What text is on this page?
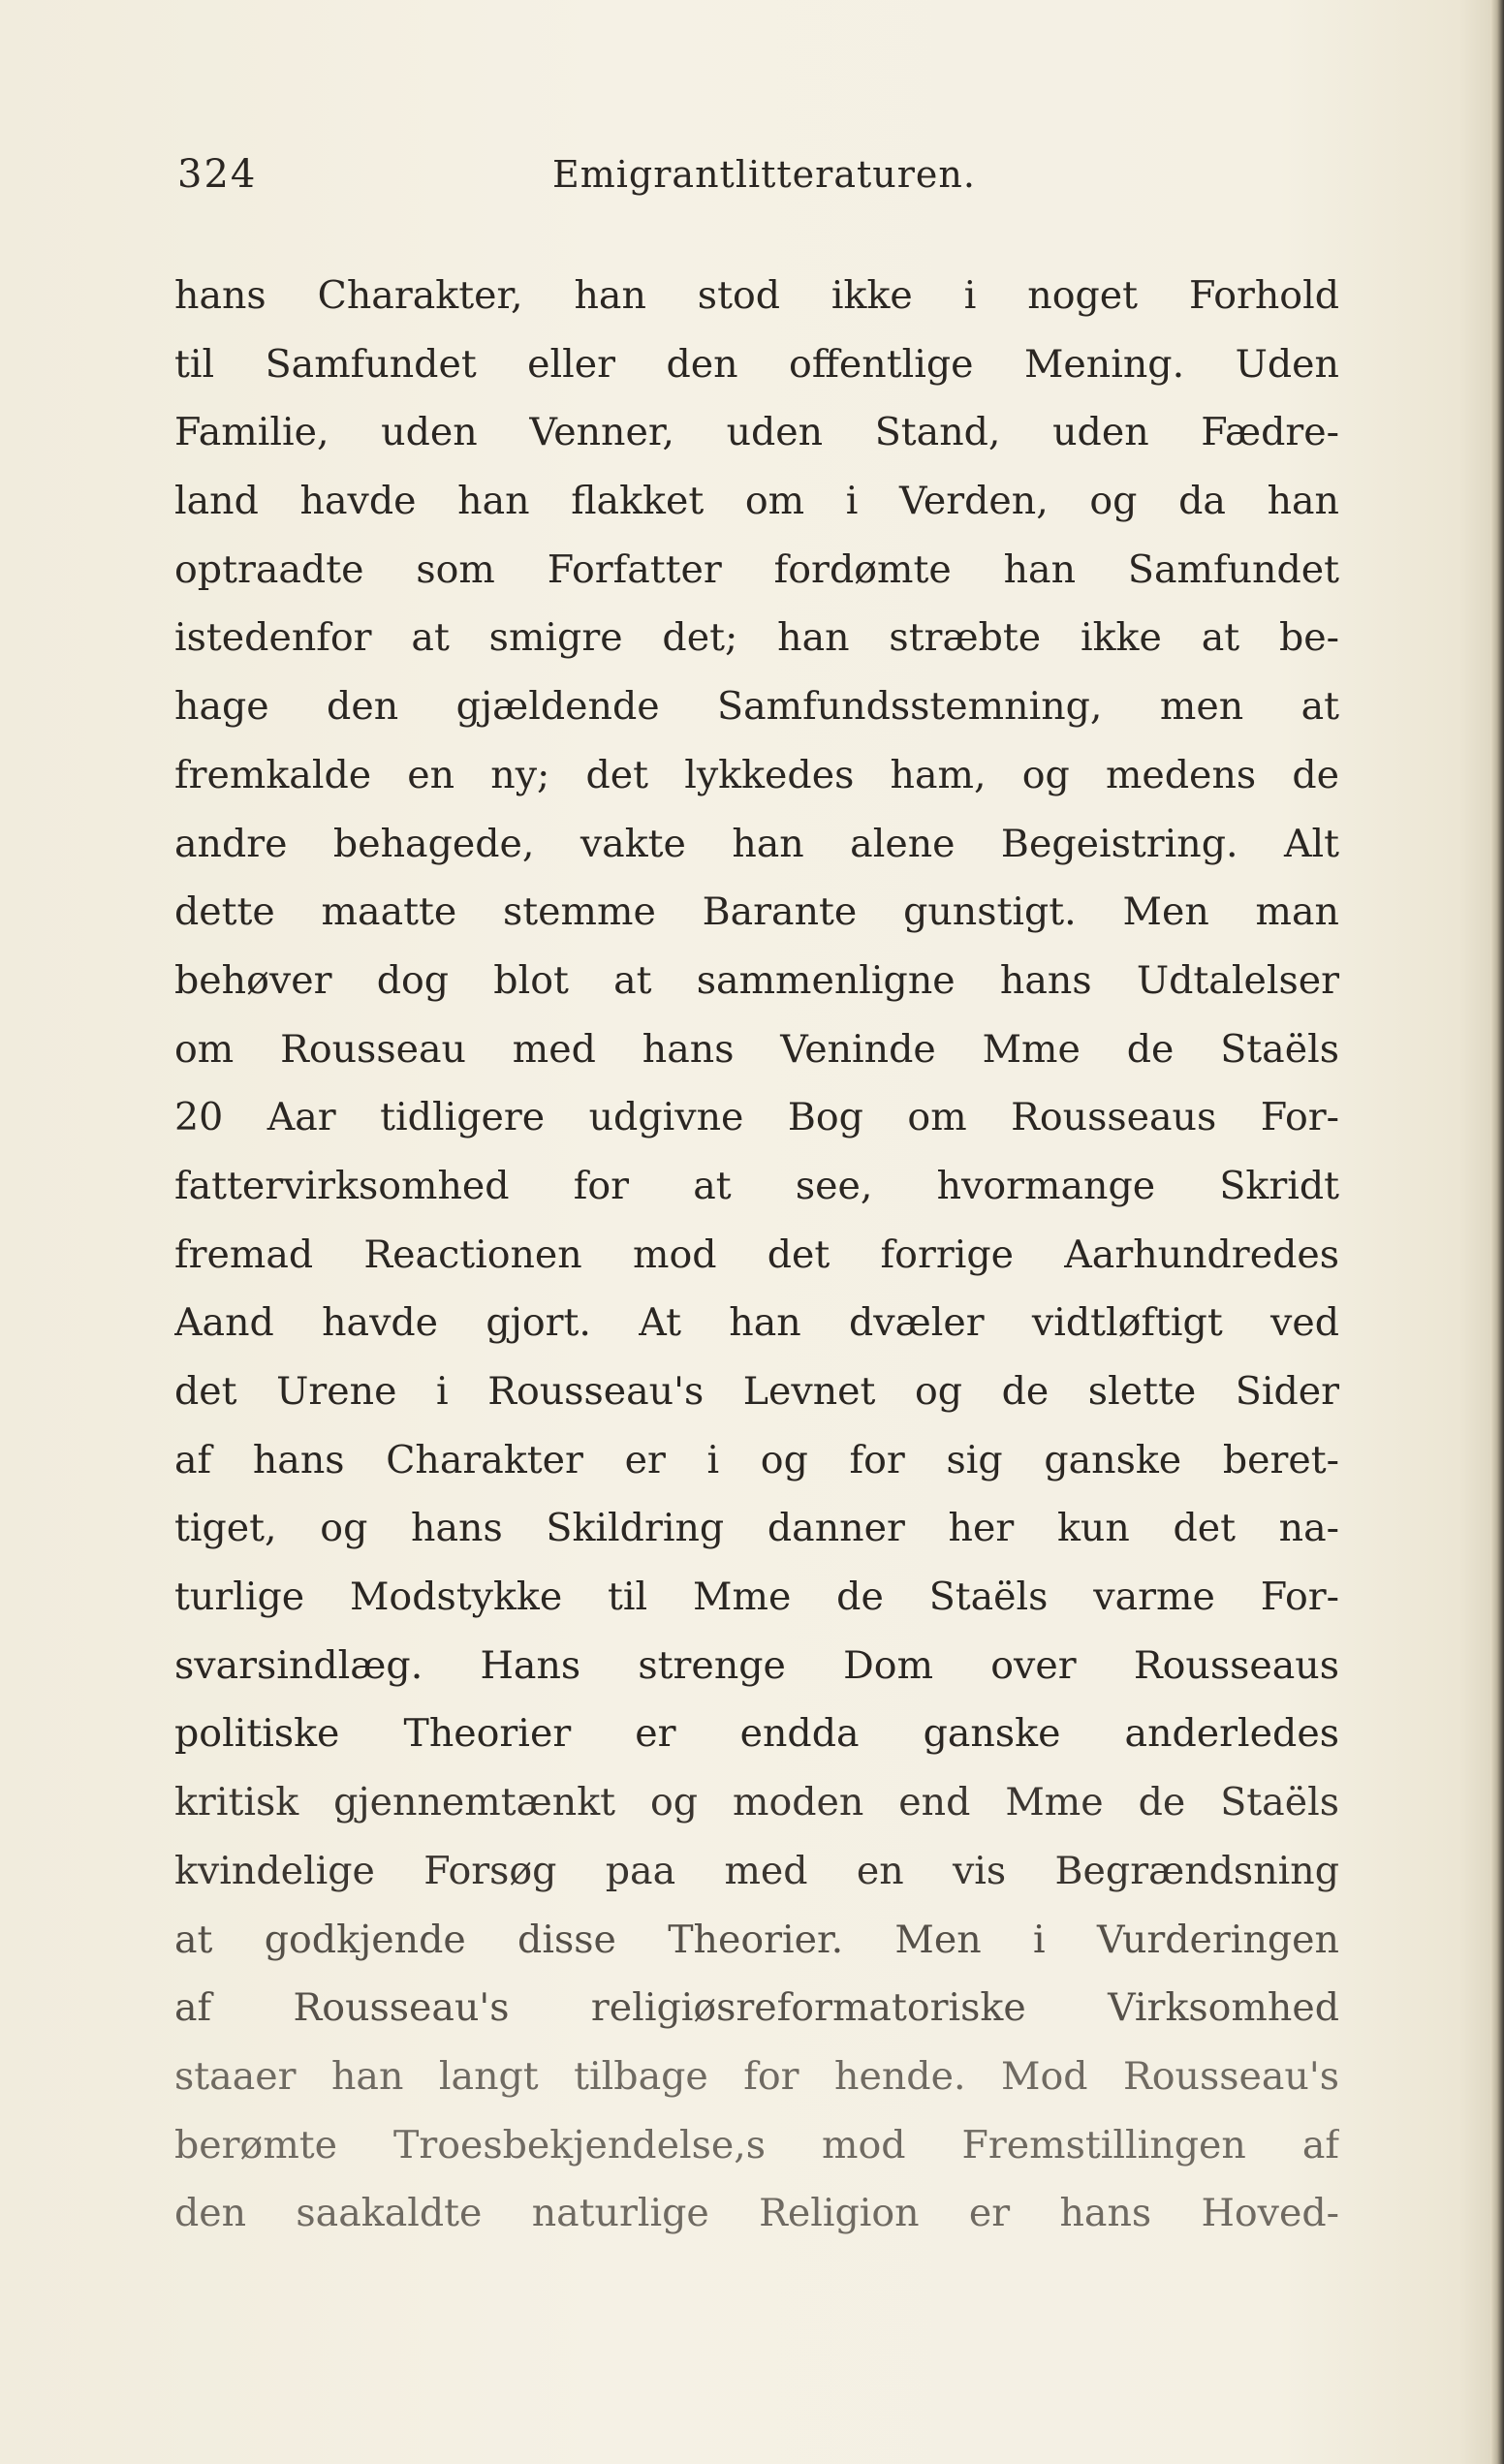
324	Emigrantlitteraturen.
hans Charakter, han stod ikke i noget Forhold
til Samfundet eller den offentlige Mening. Uden
Familie, uden Venner, uden Stand, uden Fædre-
land havde han flakket om i Verden, og da han
optraadte som Forfatter fordømte han Samfundet
istedenfor at smigre det; han stræbte ikke at be-
hage den gjældende Samfundsstemning, men at
fremkalde en ny; det lykkedes ham, og medens de
andre behagede, vakte han alene Begeistring. Alt
dette maatte stemme Barante gunstigt. Men man
behøver dog blot at sammenligne hans Udtalelser
om Rousseau med hans Veninde Mme de Staëls
20 Aar tidligere udgivne Bog om Rousseaus For-
fattervirksomhed for at see, hvormange Skridt
fremad Reactionen mod det forrige Aarhundredes
Aand havde gjort. At han dvæler vidtløftigt ved
det Urene i Rousseau's Levnet og de slette Sider
af hans Charakter er i og for sig ganske beret-
tiget, og hans Skildring danner her kun det na-
turlige Modstykke til Mme de Staëls varme For-
svarsindlæg. Hans strenge Dom over Rousseaus
politiske Theorier er endda ganske anderledes
kritisk gjennemtænkt og moden end Mme de Staëls
kvindelige Forsøg paa med en vis Begrændsning
at godkjende disse Theorier. Men i Vurderingen
af Rousseau's religiøsreformatoriske Virksomhed
staaer han langt tilbage for hende. Mod Rousseau's
berømte Troesbekjendelse,s mod Fremstillingen af
den saakaldte naturlige Religion er hans Hoved-
